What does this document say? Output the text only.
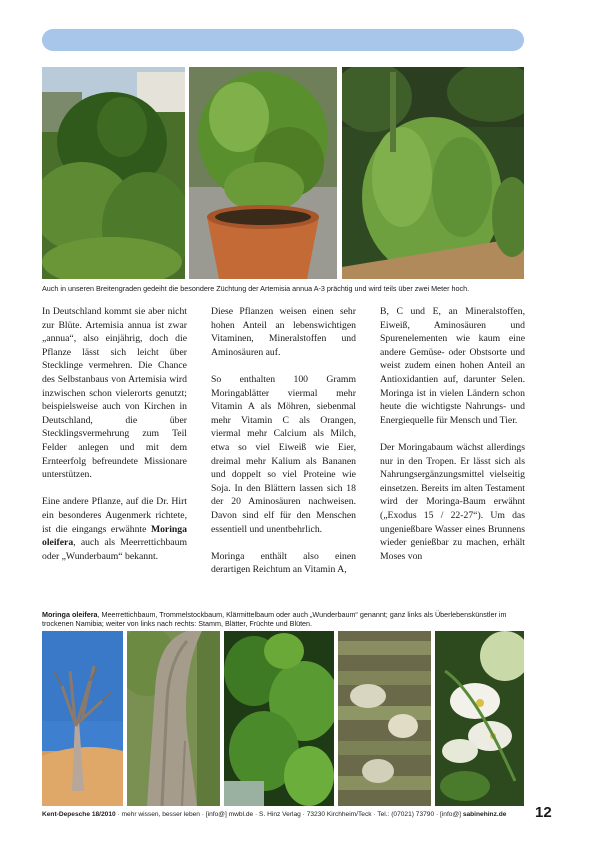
Auch in unseren Breitengraden gedeiht die besondere Züchtung der Artemisia annua A-3 prächtig und wird teils über zwei Meter hoch.

In Deutschland kommt sie aber nicht zur Blüte. Artemisia annua ist zwar „annua“, also einjährig, doch die Pflanze lässt sich leicht über Stecklinge vermehren. Die Chance des Selbstanbaus von Artemisia wird inzwischen schon vielerorts genutzt; beispielsweise auch von Kirchen in Deutschland, die über Stecklingsvermehrung zum Teil Felder anlegen und mit dem Ernteerfolg befreundete Missionare unterstützen.

Eine andere Pflanze, auf die Dr. Hirt ein besonderes Augenmerk richtete, ist die eingangs erwähnte Moringa oleifera, auch als Meerrettichbaum oder „Wunderbaum“ bekannt.

Diese Pflanzen weisen einen sehr hohen Anteil an lebenswichtigen Vitaminen, Mineralstoffen und Aminosäuren auf.

So enthalten 100 Gramm Moringablätter viermal mehr Vitamin A als Möhren, siebenmal mehr Vitamin C als Orangen, viermal mehr Calcium als Milch, etwa so viel Eiweiß wie Eier, dreimal mehr Kalium als Bananen und doppelt so viel Proteine wie Soja. In den Blättern lassen sich 18 der 20 Aminosäuren nachweisen. Davon sind elf für den Menschen essentiell und unentbehrlich.

Moringa enthält also einen derartigen Reichtum an Vitamin A,

B, C und E, an Mineralstoffen, Eiweiß, Aminosäuren und Spurenelementen wie kaum eine andere Gemüse- oder Obstsorte und weist zudem einen hohen Anteil an Antioxidantien auf, darunter Selen. Moringa ist in vielen Ländern schon heute die wichtigste Nahrungs- und Energiequelle für Mensch und Tier.

Der Moringabaum wächst allerdings nur in den Tropen. Er lässt sich als Nahrungsergänzungsmittel vielseitig einsetzen. Bereits im alten Testament wird der Moringa-Baum erwähnt („Exodus 15 / 22-27“). Um das ungenießbare Wasser eines Brunnens wieder genießbar zu machen, erhält Moses von

Moringa oleifera, Meerrettichbaum, Trommelstockbaum, Klärmittelbaum oder auch „Wunderbaum“ genannt; ganz links als Überlebenskünstler im trockenen Namibia; weiter von links nach rechts: Stamm, Blätter, Früchte und Blüten.
Kent-Depesche 18/2010 · mehr wissen, besser leben · [info@] mwbl.de · S. Hinz Verlag · 73230 Kirchheim/Teck · Tel.: (07021) 73790 · [info@] sabinehinz.de 12
